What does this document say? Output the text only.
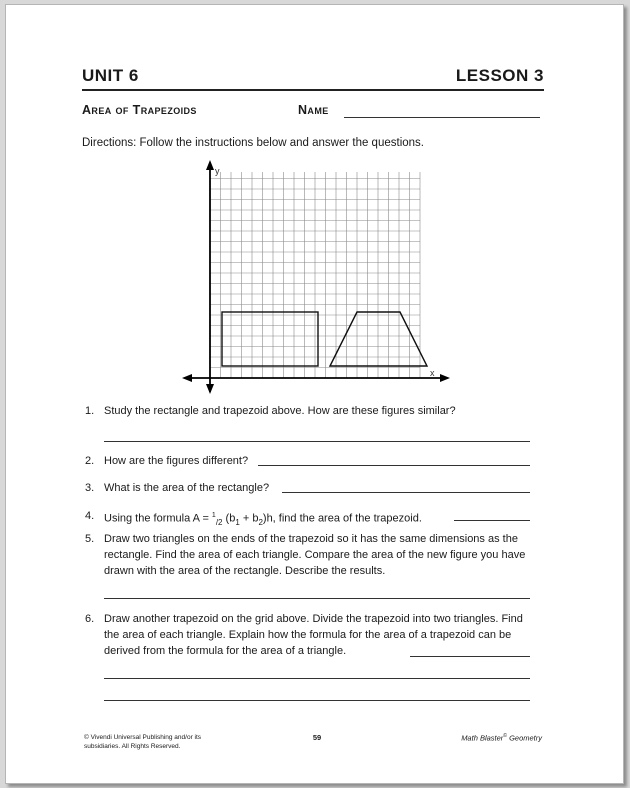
UNIT 6	LESSON 3
Area of Trapezoids	Name
Directions: Follow the instructions below and answer the questions.
y
x
1. Study the rectangle and trapezoid above. How are these figures similar?
2. How are the figures different?
3. What is the area of the rectangle?
4. Using the formula A = $^1_{/2}$ $(b_1 + b_2)h$, find the area of the trapezoid.
5. Draw two triangles on the ends of the trapezoid so it has the same dimensions as the rectangle. Find the area of each triangle. Compare the area of the new figure you have drawn with the area of the rectangle. Describe the results.
6. Draw another trapezoid on the grid above. Divide the trapezoid into two triangles. Find the area of each triangle. Explain how the formula for the area of a trapezoid can be derived from the formula for the area of a triangle.
© Vivendi Universal Publishing and/or its subsidiaries. All Rights Reserved.
59	Math Blaster© Geometry
